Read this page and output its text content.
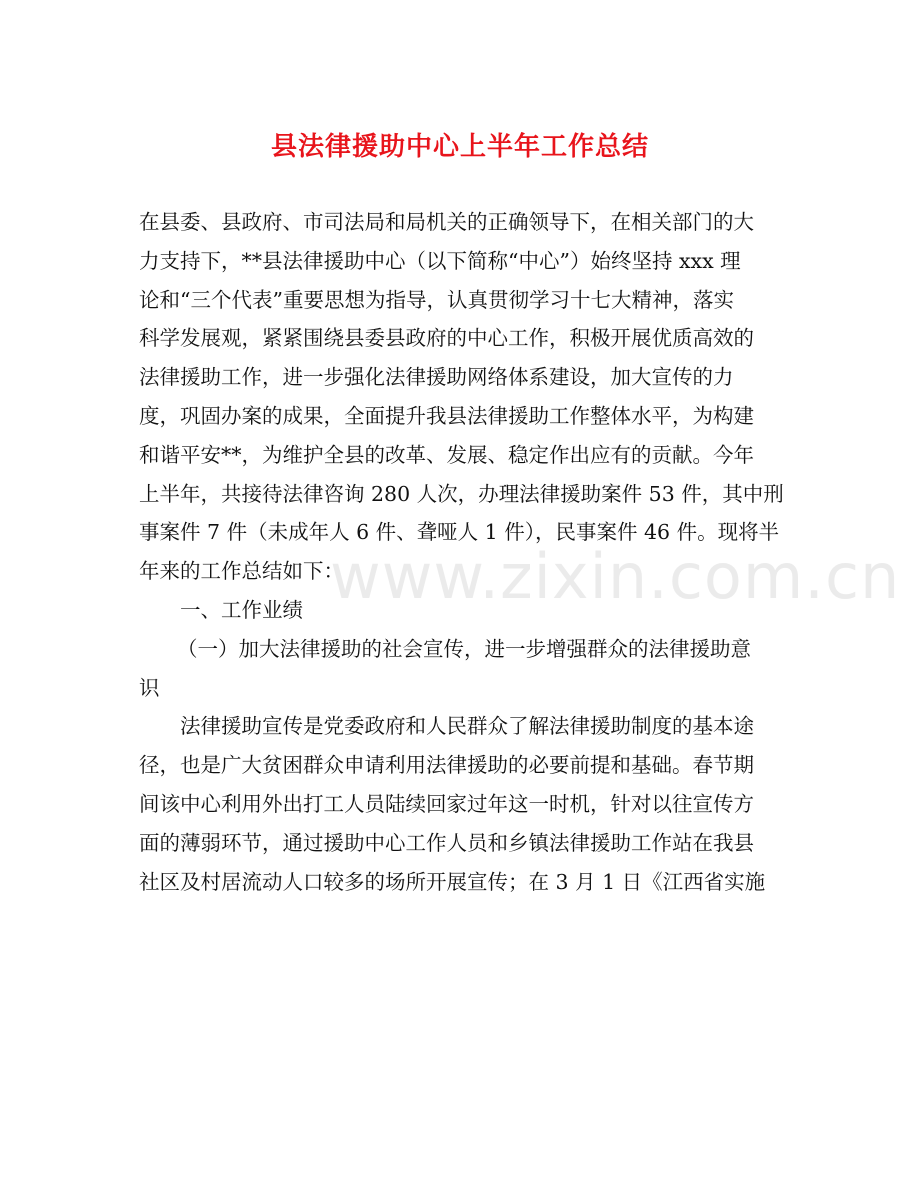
县法律援助中心上半年工作总结
www.zixin.com.cn
在县委、县政府、市司法局和局机关的正确领导下，在相关部门的大
力支持下，**县法律援助中心（以下简称“中心”）始终坚持 xxx 理
论和“三个代表”重要思想为指导，认真贯彻学习十七大精神，落实
科学发展观，紧紧围绕县委县政府的中心工作，积极开展优质高效的
法律援助工作，进一步强化法律援助网络体系建设，加大宣传的力
度，巩固办案的成果，全面提升我县法律援助工作整体水平，为构建
和谐平安**，为维护全县的改革、发展、稳定作出应有的贡献。今年
上半年，共接待法律咨询 280 人次，办理法律援助案件 53 件，其中刑
事案件 7 件（未成年人 6 件、聋哑人 1 件），民事案件 46 件。现将半
年来的工作总结如下：
一、工作业绩
（一）加大法律援助的社会宣传，进一步增强群众的法律援助意
识
法律援助宣传是党委政府和人民群众了解法律援助制度的基本途
径，也是广大贫困群众申请利用法律援助的必要前提和基础。春节期
间该中心利用外出打工人员陆续回家过年这一时机，针对以往宣传方
面的薄弱环节，通过援助中心工作人员和乡镇法律援助工作站在我县
社区及村居流动人口较多的场所开展宣传；在 3 月 1 日《江西省实施
